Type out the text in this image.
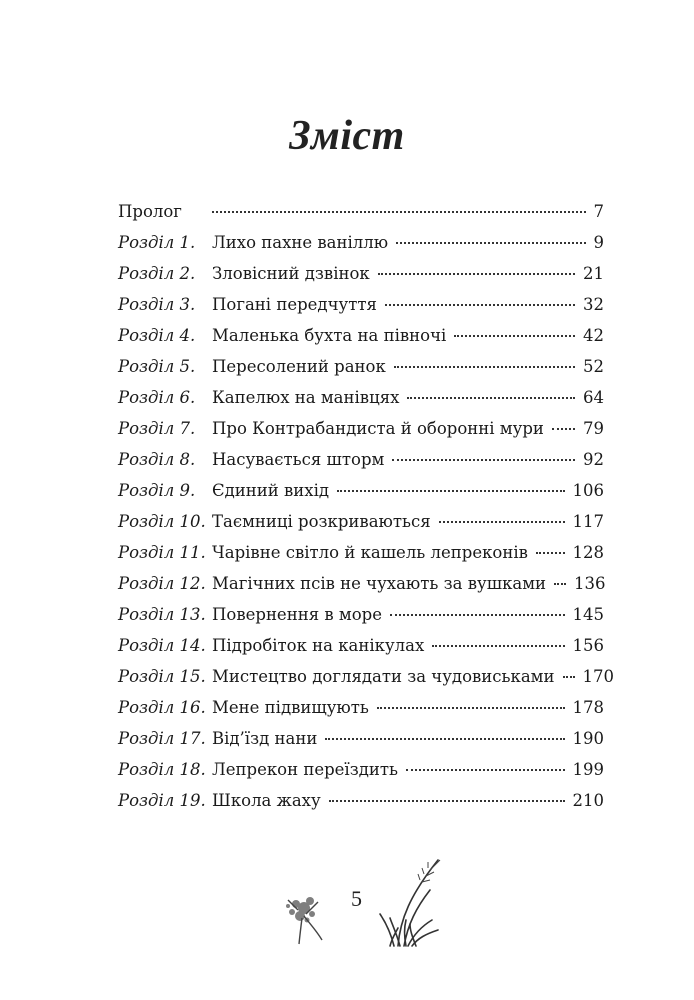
Зміст
Пролог	7
Розділ 1.	Лихо пахне ваніллю	9
Розділ 2.	Зловісний дзвінок	21
Розділ 3.	Погані передчуття	32
Розділ 4.	Маленька бухта на півночі	42
Розділ 5.	Пересолений ранок	52
Розділ 6.	Капелюх на манівцях	64
Розділ 7.	Про Контрабандиста й оборонні мури 79
Розділ 8.	Насувається шторм	92
Розділ 9.	Єдиний вихід	106
Розділ 10. Таємниці розкриваються	117
Розділ 11. Чарівне світло й кашель лепреконів	128
Розділ 12. Магічних псів не чухають за вушками 136
Розділ 13. Повернення в море	145
Розділ 14. Підробіток на канікулах	156
Розділ 15. Мистецтво доглядати за чудовиськами 170
Розділ 16. Мене підвищують	178
Розділ 17. Від’їзд нани	190
Розділ 18. Лепрекон переїздить	199
Розділ 19. Школа жаху	210
5
